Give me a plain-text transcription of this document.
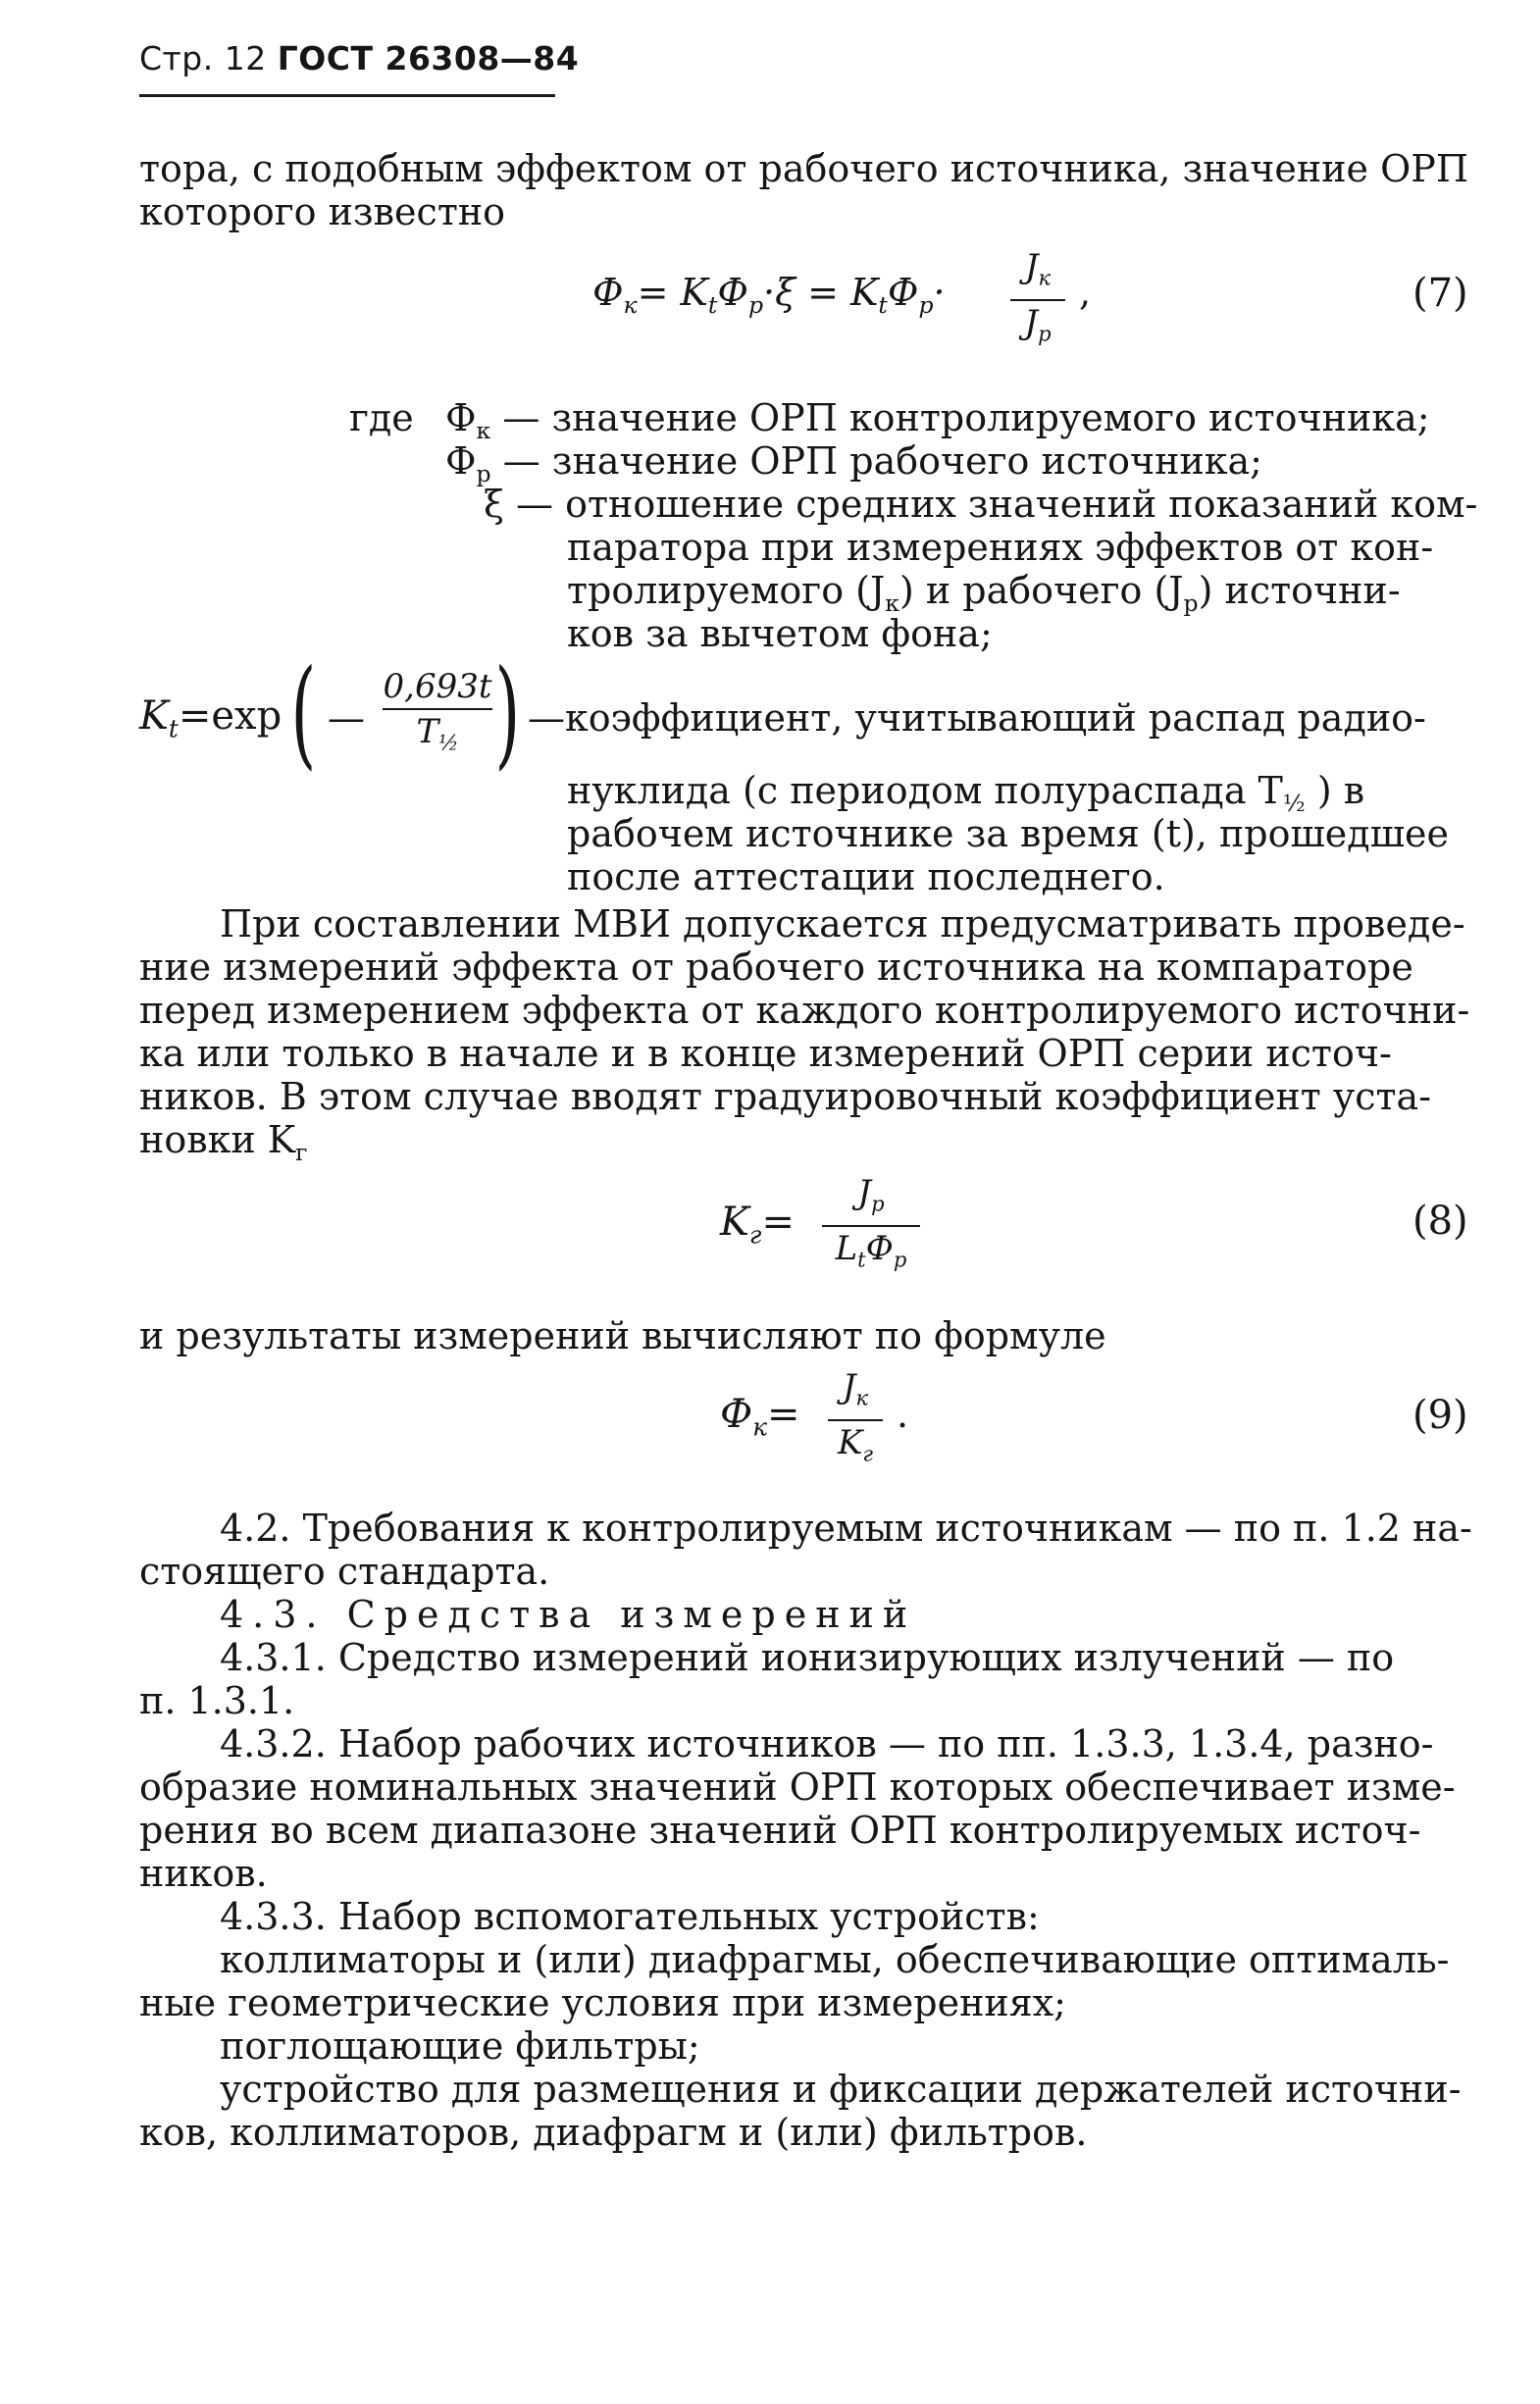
Стр. 12 ГОСТ 26308—84
тора, с подобным эффектом от рабочего источника, значение ОРП
которого известно
$Ф_к= K_tФ_р\cdot\xi = K_tФ_р\cdot$
$J_к$
$J_р$
,	(7)
где $Ф_к$ — значение ОРП контролируемого источника;
$Ф_р$ — значение ОРП рабочего источника;
ξ — отношение средних значений показаний ком-
паратора при измерениях эффектов от кон-
тролируемого $(J_к)$ и рабочего $(J_р)$ источни-
ков за вычетом фона;
$K_t=\exp$ ( —
0,693t
$T_{\frac{1}{2}}$ ) —коэффициент, учитывающий распад радио-
нуклида (с периодом полураспада $T_{\frac{1}{2}}$ ) в
рабочем источнике за время (t), прошедшее
после аттестации последнего.
При составлении МВИ допускается предусматривать проведе-
ние измерений эффекта от рабочего источника на компараторе
перед измерением эффекта от каждого контролируемого источни-
ка или только в начале и в конце измерений ОРП серии источ-
ников. В этом случае вводят градуировочный коэффициент уста-
новки $K_г$
$K_г=$
$J_р$
$L_tФ_р$
(8)
и результаты измерений вычисляют по формуле
$Ф_к=$
$J_к$
$K_г$
.	(9)
4.2. Требования к контролируемым источникам — по п. 1.2 на-
стоящего стандарта.
4.3. Средства измерений
4.3.1. Средство измерений ионизирующих излучений — по
п. 1.3.1.
4.3.2. Набор рабочих источников — по пп. 1.3.3, 1.3.4, разно-
образие номинальных значений ОРП которых обеспечивает изме-
рения во всем диапазоне значений ОРП контролируемых источ-
ников.
4.3.3. Набор вспомогательных устройств:
коллиматоры и (или) диафрагмы, обеспечивающие оптималь-
ные геометрические условия при измерениях;
поглощающие фильтры;
устройство для размещения и фиксации держателей источни-
ков, коллиматоров, диафрагм и (или) фильтров.
